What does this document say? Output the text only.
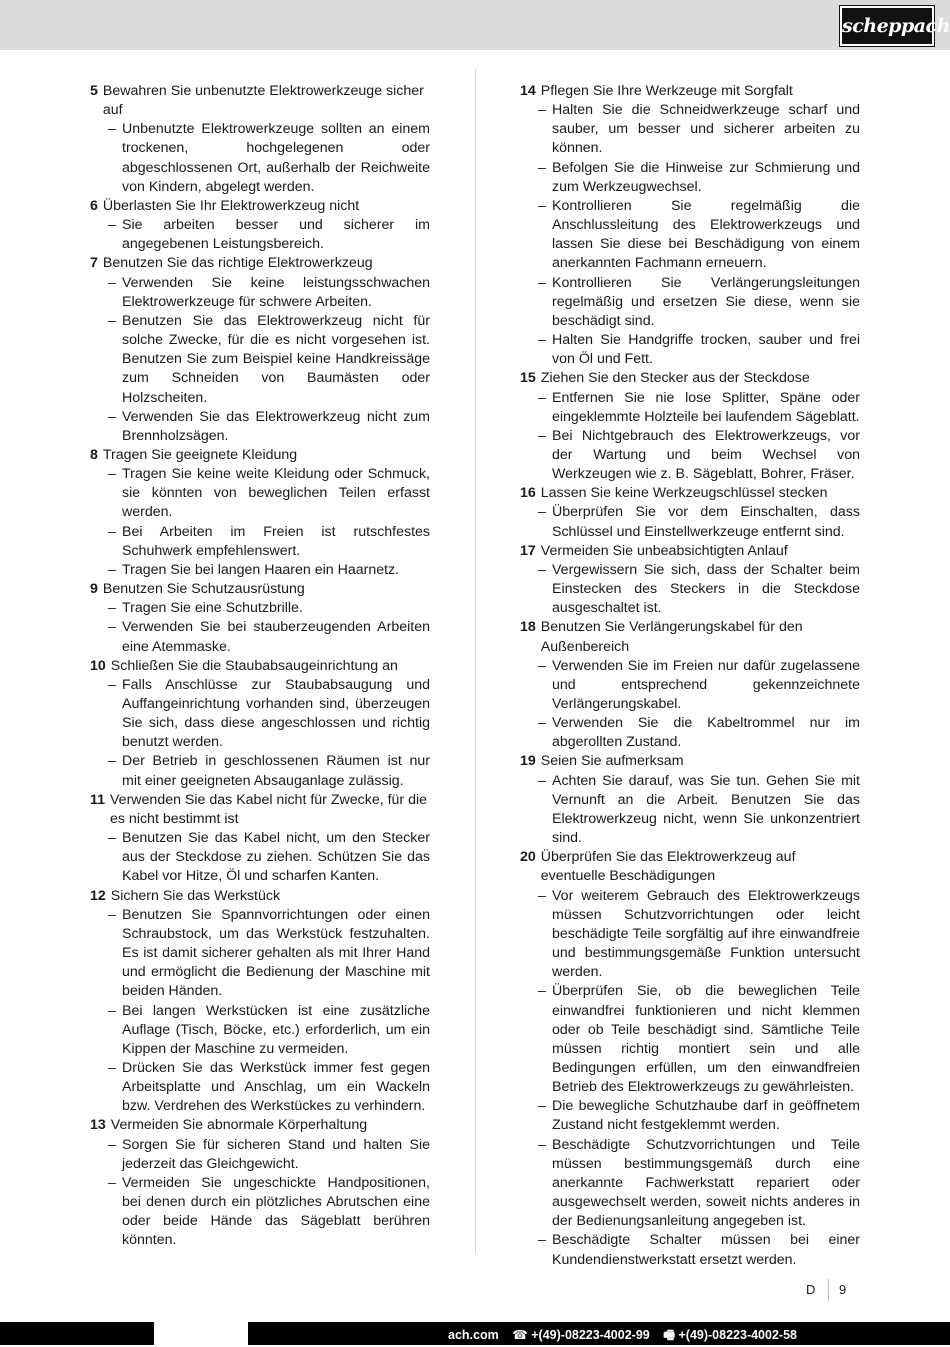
scheppach
5 Bewahren Sie unbenutzte Elektrowerkzeuge sicher auf
– Unbenutzte Elektrowerkzeuge sollten an einem trockenen, hochgelegenen oder abgeschlossenen Ort, außerhalb der Reichweite von Kindern, abgelegt werden.
6 Überlasten Sie Ihr Elektrowerkzeug nicht
– Sie arbeiten besser und sicherer im angegebenen Leistungsbereich.
7 Benutzen Sie das richtige Elektrowerkzeug
– Verwenden Sie keine leistungsschwachen Elektrowerkzeuge für schwere Arbeiten.
– Benutzen Sie das Elektrowerkzeug nicht für solche Zwecke, für die es nicht vorgesehen ist. Benutzen Sie zum Beispiel keine Handkreissäge zum Schneiden von Baumästen oder Holzscheiten.
– Verwenden Sie das Elektrowerkzeug nicht zum Brennholzsägen.
8 Tragen Sie geeignete Kleidung
– Tragen Sie keine weite Kleidung oder Schmuck, sie könnten von beweglichen Teilen erfasst werden.
– Bei Arbeiten im Freien ist rutschfestes Schuhwerk empfehlenswert.
– Tragen Sie bei langen Haaren ein Haarnetz.
9 Benutzen Sie Schutzausrüstung
– Tragen Sie eine Schutzbrille.
– Verwenden Sie bei stauberzeugenden Arbeiten eine Atemmaske.
10 Schließen Sie die Staubabsaugeinrichtung an
– Falls Anschlüsse zur Staubabsaugung und Auffangeinrichtung vorhanden sind, überzeugen Sie sich, dass diese angeschlossen und richtig benutzt werden.
– Der Betrieb in geschlossenen Räumen ist nur mit einer geeigneten Absauganlage zulässig.
11 Verwenden Sie das Kabel nicht für Zwecke, für die es nicht bestimmt ist
– Benutzen Sie das Kabel nicht, um den Stecker aus der Steckdose zu ziehen. Schützen Sie das Kabel vor Hitze, Öl und scharfen Kanten.
12 Sichern Sie das Werkstück
– Benutzen Sie Spannvorrichtungen oder einen Schraubstock, um das Werkstück festzuhalten. Es ist damit sicherer gehalten als mit Ihrer Hand und ermöglicht die Bedienung der Maschine mit beiden Händen.
– Bei langen Werkstücken ist eine zusätzliche Auflage (Tisch, Böcke, etc.) erforderlich, um ein Kippen der Maschine zu vermeiden.
– Drücken Sie das Werkstück immer fest gegen Arbeitsplatte und Anschlag, um ein Wackeln bzw. Verdrehen des Werkstückes zu verhindern.
13 Vermeiden Sie abnormale Körperhaltung
– Sorgen Sie für sicheren Stand und halten Sie jederzeit das Gleichgewicht.
– Vermeiden Sie ungeschickte Handpositionen, bei denen durch ein plötzliches Abrutschen eine oder beide Hände das Sägeblatt berühren könnten.
14 Pflegen Sie Ihre Werkzeuge mit Sorgfalt
– Halten Sie die Schneidwerkzeuge scharf und sauber, um besser und sicherer arbeiten zu können.
– Befolgen Sie die Hinweise zur Schmierung und zum Werkzeugwechsel.
– Kontrollieren Sie regelmäßig die Anschlussleitung des Elektrowerkzeugs und lassen Sie diese bei Beschädigung von einem anerkannten Fachmann erneuern.
– Kontrollieren Sie Verlängerungsleitungen regelmäßig und ersetzen Sie diese, wenn sie beschädigt sind.
– Halten Sie Handgriffe trocken, sauber und frei von Öl und Fett.
15 Ziehen Sie den Stecker aus der Steckdose
– Entfernen Sie nie lose Splitter, Späne oder eingeklemmte Holzteile bei laufendem Sägeblatt.
– Bei Nichtgebrauch des Elektrowerkzeugs, vor der Wartung und beim Wechsel von Werkzeugen wie z. B. Sägeblatt, Bohrer, Fräser.
16 Lassen Sie keine Werkzeugschlüssel stecken
– Überprüfen Sie vor dem Einschalten, dass Schlüssel und Einstellwerkzeuge entfernt sind.
17 Vermeiden Sie unbeabsichtigten Anlauf
– Vergewissern Sie sich, dass der Schalter beim Einstecken des Steckers in die Steckdose ausgeschaltet ist.
18 Benutzen Sie Verlängerungskabel für den Außenbereich
– Verwenden Sie im Freien nur dafür zugelassene und entsprechend gekennzeichnete Verlängerungskabel.
– Verwenden Sie die Kabeltrommel nur im abgerollten Zustand.
19 Seien Sie aufmerksam
– Achten Sie darauf, was Sie tun. Gehen Sie mit Vernunft an die Arbeit. Benutzen Sie das Elektrowerkzeug nicht, wenn Sie unkonzentriert sind.
20 Überprüfen Sie das Elektrowerkzeug auf eventuelle Beschädigungen
– Vor weiterem Gebrauch des Elektrowerkzeugs müssen Schutzvorrichtungen oder leicht beschädigte Teile sorgfältig auf ihre einwandfreie und bestimmungsgemäße Funktion untersucht werden.
– Überprüfen Sie, ob die beweglichen Teile einwandfrei funktionieren und nicht klemmen oder ob Teile beschädigt sind. Sämtliche Teile müssen richtig montiert sein und alle Bedingungen erfüllen, um den einwandfreien Betrieb des Elektrowerkzeugs zu gewährleisten.
– Die bewegliche Schutzhaube darf in geöffnetem Zustand nicht festgeklemmt werden.
– Beschädigte Schutzvorrichtungen und Teile müssen bestimmungsgemäß durch eine anerkannte Fachwerkstatt repariert oder ausgewechselt werden, soweit nichts anderes in der Bedienungsanleitung angegeben ist.
– Beschädigte Schalter müssen bei einer Kundendienstwerkstatt ersetzt werden.
D 9
ach.com ☎ +(49)-08223-4002-99 🖷 +(49)-08223-4002-58
